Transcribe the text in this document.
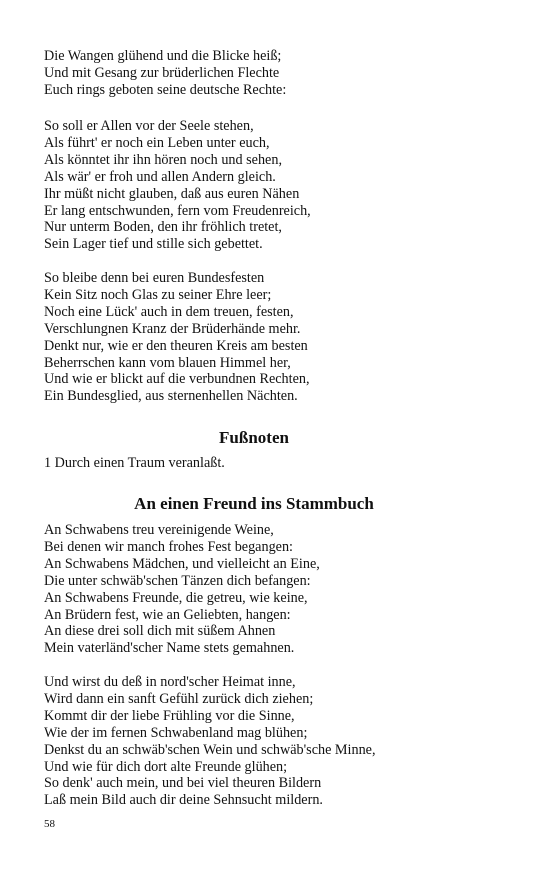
Die Wangen glühend und die Blicke heiß;
Und mit Gesang zur brüderlichen Flechte
Euch rings geboten seine deutsche Rechte:
So soll er Allen vor der Seele stehen,
Als führt' er noch ein Leben unter euch,
Als könntet ihr ihn hören noch und sehen,
Als wär' er froh und allen Andern gleich.
Ihr müßt nicht glauben, daß aus euren Nähen
Er lang entschwunden, fern vom Freudenreich,
Nur unterm Boden, den ihr fröhlich tretet,
Sein Lager tief und stille sich gebettet.
So bleibe denn bei euren Bundesfesten
Kein Sitz noch Glas zu seiner Ehre leer;
Noch eine Lück' auch in dem treuen, festen,
Verschlungnen Kranz der Brüderhände mehr.
Denkt nur, wie er den theuren Kreis am besten
Beherrschen kann vom blauen Himmel her,
Und wie er blickt auf die verbundnen Rechten,
Ein Bundesglied, aus sternenhellen Nächten.
Fußnoten

1 Durch einen Traum veranlaßt.

An einen Freund ins Stammbuch
An Schwabens treu vereinigende Weine,
Bei denen wir manch frohes Fest begangen:
An Schwabens Mädchen, und vielleicht an Eine,
Die unter schwäb'schen Tänzen dich befangen:
An Schwabens Freunde, die getreu, wie keine,
An Brüdern fest, wie an Geliebten, hangen:
An diese drei soll dich mit süßem Ahnen
Mein vaterländ'scher Name stets gemahnen.
Und wirst du deß in nord'scher Heimat inne,
Wird dann ein sanft Gefühl zurück dich ziehen;
Kommt dir der liebe Frühling vor die Sinne,
Wie der im fernen Schwabenland mag blühen;
Denkst du an schwäb'schen Wein und schwäb'sche Minne,
Und wie für dich dort alte Freunde glühen;
So denk' auch mein, und bei viel theuren Bildern
Laß mein Bild auch dir deine Sehnsucht mildern.

58
